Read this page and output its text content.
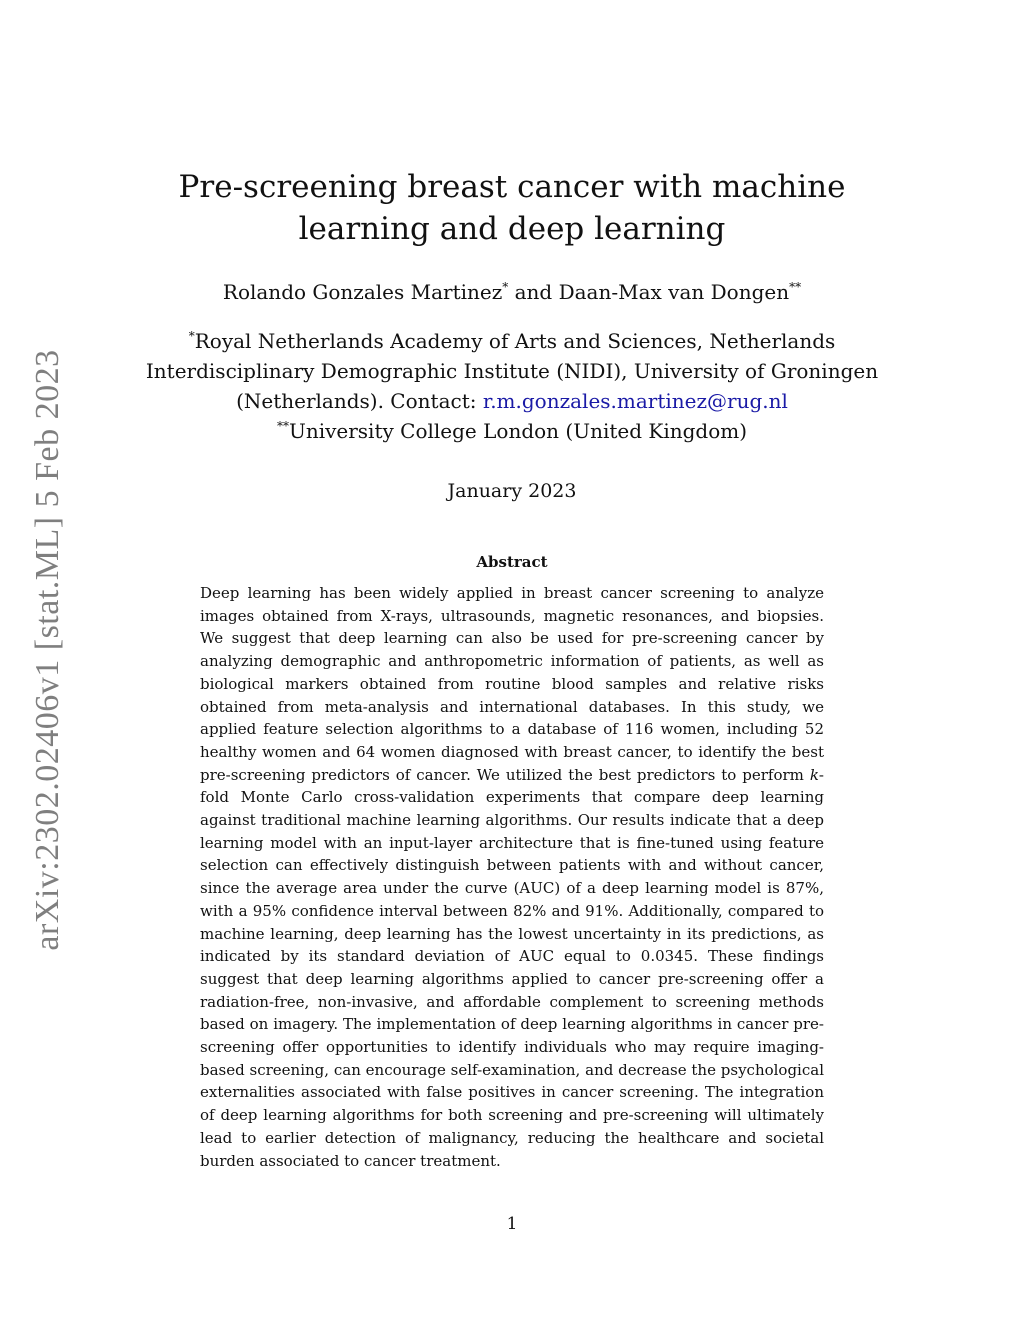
arXiv:2302.02406v1 [stat.ML] 5 Feb 2023
Pre-screening breast cancer with machine learning and deep learning
Rolando Gonzales Martinez* and Daan-Max van Dongen**
*Royal Netherlands Academy of Arts and Sciences, Netherlands Interdisciplinary Demographic Institute (NIDI), University of Groningen (Netherlands). Contact: r.m.gonzales.martinez@rug.nl
**University College London (United Kingdom)
January 2023
Abstract

Deep learning has been widely applied in breast cancer screening to analyze images obtained from X-rays, ultrasounds, magnetic resonances, and biopsies. We suggest that deep learning can also be used for pre-screening cancer by analyzing demographic and anthropometric information of patients, as well as biological markers obtained from routine blood samples and relative risks obtained from meta-analysis and international databases. In this study, we applied feature selection algorithms to a database of 116 women, including 52 healthy women and 64 women diagnosed with breast cancer, to identify the best pre-screening predictors of cancer. We utilized the best predictors to perform k-fold Monte Carlo cross-validation experiments that compare deep learning against traditional machine learning algorithms. Our results indicate that a deep learning model with an input-layer architecture that is fine-tuned using feature selection can effectively distinguish between patients with and without cancer, since the average area under the curve (AUC) of a deep learning model is 87%, with a 95% confidence interval between 82% and 91%. Additionally, compared to machine learning, deep learning has the lowest uncertainty in its predictions, as indicated by its standard deviation of AUC equal to 0.0345. These findings suggest that deep learning algorithms applied to cancer pre-screening offer a radiation-free, non-invasive, and affordable complement to screening methods based on imagery. The implementation of deep learning algorithms in cancer pre-screening offer opportunities to identify individuals who may require imaging-based screening, can encourage self-examination, and decrease the psychological externalities associated with false positives in cancer screening. The integration of deep learning algorithms for both screening and pre-screening will ultimately lead to earlier detection of malignancy, reducing the healthcare and societal burden associated to cancer treatment.

1
